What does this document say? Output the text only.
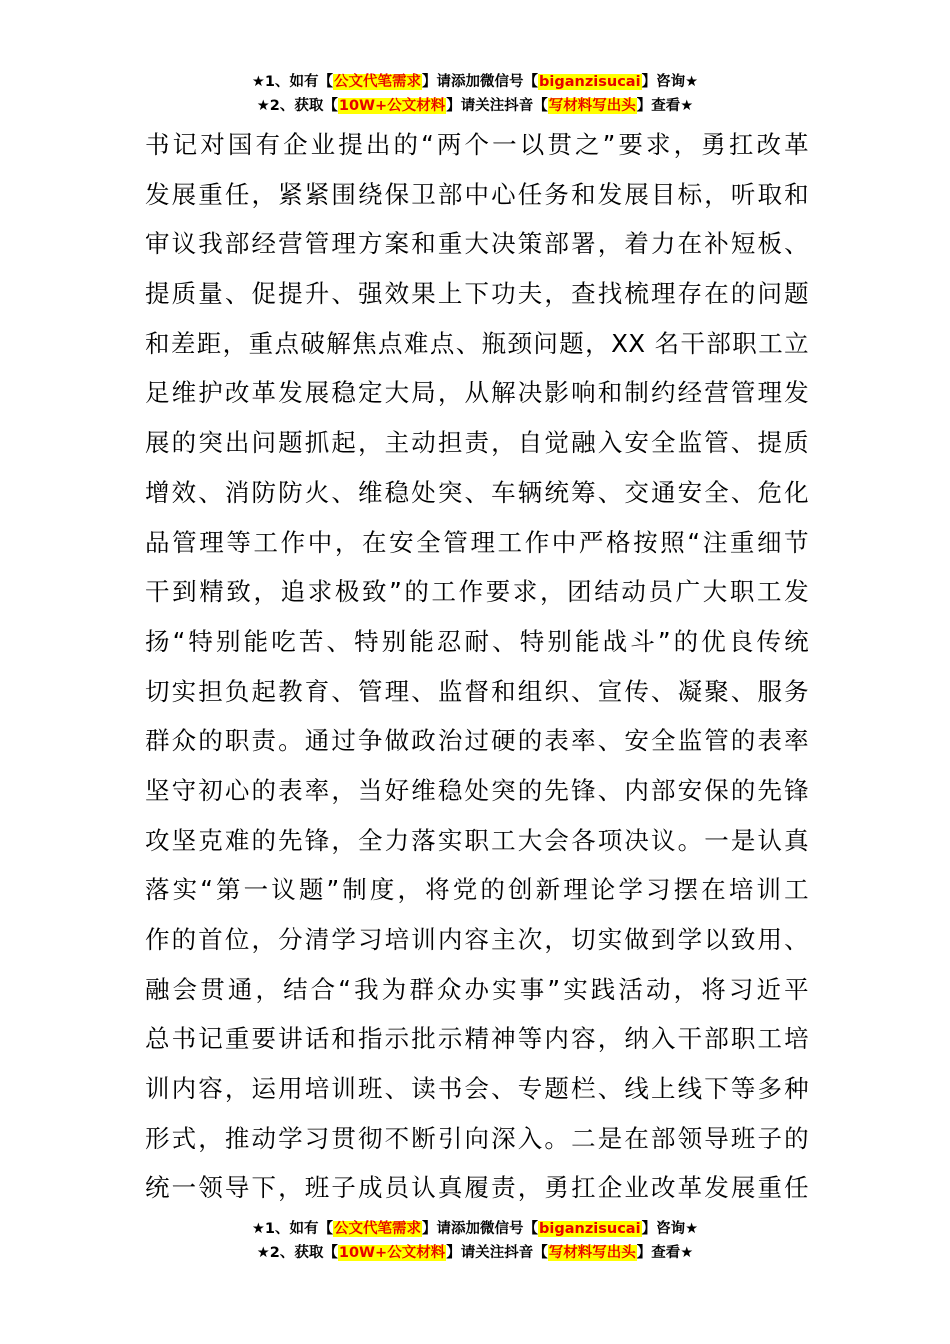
★1、如有【公文代笔需求】请添加微信号【biganzisucai】咨询★
★2、获取【10W+公文材料】请关注抖音【写材料写出头】查看★
书记对国有企业提出的“两个一以贯之”要求，勇扛改革
发展重任，紧紧围绕保卫部中心任务和发展目标，听取和
审议我部经营管理方案和重大决策部署，着力在补短板、
提质量、促提升、强效果上下功夫，查找梳理存在的问题
和差距，重点破解焦点难点、瓶颈问题，XX 名干部职工立
足维护改革发展稳定大局，从解决影响和制约经营管理发
展的突出问题抓起，主动担责，自觉融入安全监管、提质
增效、消防防火、维稳处突、车辆统筹、交通安全、危化
品管理等工作中，在安全管理工作中严格按照“注重细节
干到精致，追求极致”的工作要求，团结动员广大职工发
扬“特别能吃苦、特别能忍耐、特别能战斗”的优良传统
切实担负起教育、管理、监督和组织、宣传、凝聚、服务
群众的职责。通过争做政治过硬的表率、安全监管的表率
坚守初心的表率，当好维稳处突的先锋、内部安保的先锋
攻坚克难的先锋，全力落实职工大会各项决议。一是认真
落实“第一议题”制度，将党的创新理论学习摆在培训工
作的首位，分清学习培训内容主次，切实做到学以致用、
融会贯通，结合“我为群众办实事”实践活动，将习近平
总书记重要讲话和指示批示精神等内容，纳入干部职工培
训内容，运用培训班、读书会、专题栏、线上线下等多种
形式，推动学习贯彻不断引向深入。二是在部领导班子的
统一领导下，班子成员认真履责，勇扛企业改革发展重任
★1、如有【公文代笔需求】请添加微信号【biganzisucai】咨询★
★2、获取【10W+公文材料】请关注抖音【写材料写出头】查看★
